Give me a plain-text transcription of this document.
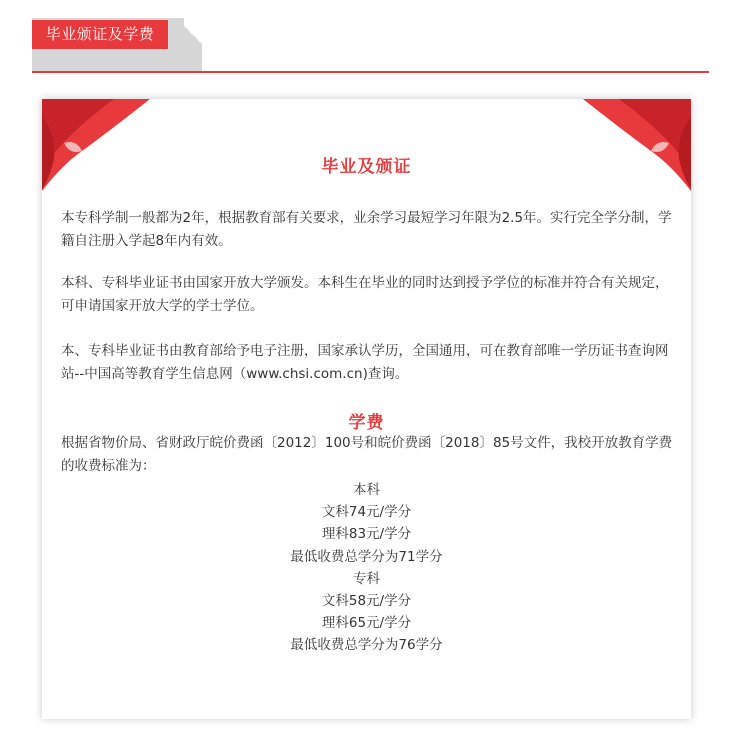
毕业颁证及学费
毕业及颁证

本专科学制一般都为2年，根据教育部有关要求，业余学习最短学习年限为2.5年。实行完全学分制，学籍自注册入学起8年内有效。

本科、专科毕业证书由国家开放大学颁发。本科生在毕业的同时达到授予学位的标准并符合有关规定，可申请国家开放大学的学士学位。

本、专科毕业证书由教育部给予电子注册，国家承认学历，全国通用，可在教育部唯一学历证书查询网站--中国高等教育学生信息网（www.chsi.com.cn)查询。

学费

根据省物价局、省财政厅皖价费函〔2012〕100号和皖价费函〔2018〕85号文件，我校开放教育学费的收费标准为：

本科
文科74元/学分
理科83元/学分
最低收费总学分为71学分
专科
文科58元/学分
理科65元/学分
最低收费总学分为76学分
